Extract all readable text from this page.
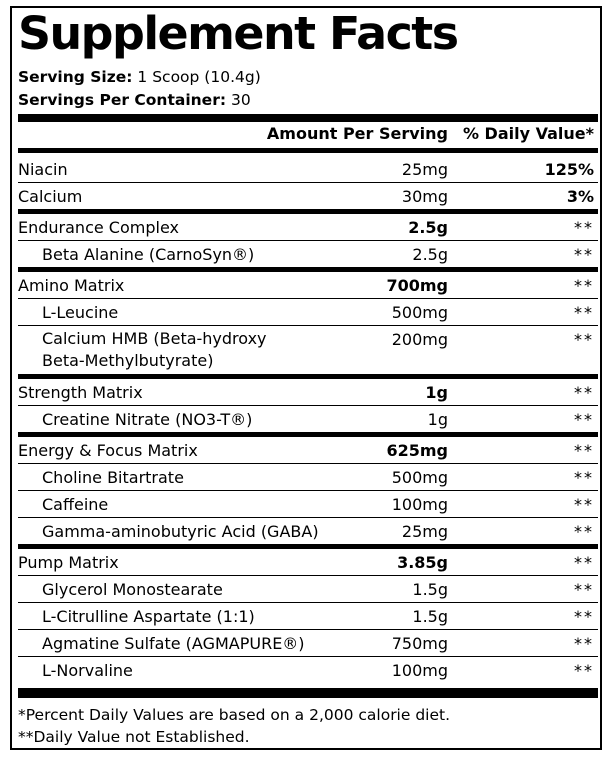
Supplement Facts
Serving Size: 1 Scoop (10.4g)
Servings Per Container: 30
Amount Per Serving % Daily Value*
Niacin	25mg	125%
Calcium	30mg	3%
Endurance Complex	2.5g	**
Beta Alanine (CarnoSyn®)	2.5g	**
Amino Matrix	700mg	**
L-Leucine	500mg	**
Calcium HMB (Beta-hydroxy
Beta-Methylbutyrate)
200mg	**
Strength Matrix	1g	**
Creatine Nitrate (NO3-T®)	1g	**
Energy & Focus Matrix	625mg	**
Choline Bitartrate	500mg	**
Caffeine	100mg	**
Gamma-aminobutyric Acid (GABA)	25mg	**
Pump Matrix	3.85g	**
Glycerol Monostearate	1.5g	**
L-Citrulline Aspartate (1:1)	1.5g	**
Agmatine Sulfate (AGMAPURE®)	750mg	**
L-Norvaline	100mg	**
*Percent Daily Values are based on a 2,000 calorie diet.
**Daily Value not Established.
